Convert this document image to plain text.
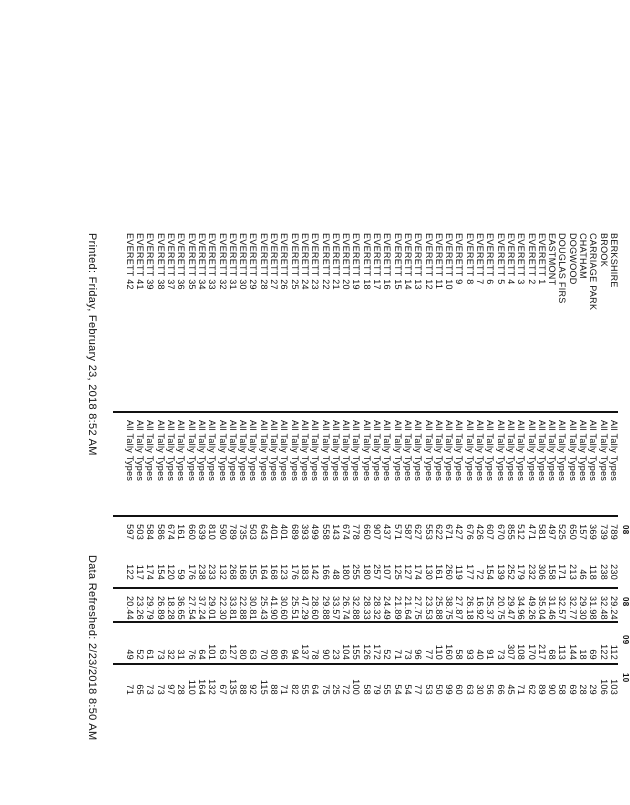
08
08
09
10
BERKSHIRE
All Tally Types
789
230
29.24
112
103
BROOK
All Tally Types
739
238
32.48
122
106
CARRIAGE PARK
All Tally Types
369
118
31.98
69
29
CHATHAM
All Tally Types
157
46
29.30
18
28
DOGWOOD
All Tally Types
650
213
32.77
144
69
DOUGLAS FIRS
All Tally Types
525
171
32.57
113
58
EASTMONT
All Tally Types
497
158
31.46
68
90
EVERETT 1
All Tally Types
581
306
35.04
217
89
EVERETT 2
All Tally Types
471
232
49.26
170
62
EVERETT 3
All Tally Types
512
179
34.96
108
71
EVERETT 4
All Tally Types
855
252
29.47
307
45
EVERETT 5
All Tally Types
670
139
20.75
73
66
EVERETT 6
All Tally Types
607
154
25.37
91
56
EVERETT 7
All Tally Types
426
72
16.92
40
30
EVERETT 8
All Tally Types
676
177
26.18
93
63
EVERETT 9
All Tally Types
427
119
27.87
58
60
EVERETT 10
All Tally Types
671
260
38.75
160
99
EVERETT 11
All Tally Types
622
161
25.88
110
50
EVERETT 12
All Tally Types
553
130
23.53
77
53
EVERETT 13
All Tally Types
627
174
27.75
96
77
EVERETT 14
All Tally Types
587
127
21.64
73
54
EVERETT 15
All Tally Types
571
125
21.89
71
54
EVERETT 16
All Tally Types
437
107
24.49
52
55
EVERETT 17
All Tally Types
907
257
28.32
172
79
EVERETT 18
All Tally Types
660
180
28.33
126
58
EVERETT 19
All Tally Types
778
255
32.88
155
100
EVERETT 20
All Tally Types
674
180
26.74
104
72
EVERETT 21
All Tally Types
143
48
33.57
23
25
EVERETT 22
All Tally Types
558
166
29.88
90
75
EVERETT 23
All Tally Types
499
142
28.60
78
64
EVERETT 24
All Tally Types
393
183
47.29
137
55
EVERETT 25
All Tally Types
689
176
25.51
94
82
EVERETT 26
All Tally Types
401
123
30.60
66
71
EVERETT 27
All Tally Types
401
168
41.90
80
88
EVERETT 28
All Tally Types
643
164
25.43
70
115
EVERETT 29
All Tally Types
503
155
30.81
63
92
EVERETT 30
All Tally Types
735
168
22.88
80
88
EVERETT 31
All Tally Types
789
268
33.81
127
135
EVERETT 32
All Tally Types
590
132
22.30
63
67
EVERETT 33
All Tally Types
810
233
29.01
101
132
EVERETT 34
All Tally Types
639
238
37.24
64
164
EVERETT 35
All Tally Types
660
176
27.54
76
110
EVERETT 36
All Tally Types
161
59
36.65
31
28
EVERETT 37
All Tally Types
674
120
18.28
32
97
EVERETT 38
All Tally Types
586
154
26.89
73
73
EVERETT 39
All Tally Types
584
174
29.79
61
73
EVERETT 41
All Tally Types
503
117
23.26
52
65
EVERETT 42
All Tally Types
597
122
20.44
49
71
Printed: Friday, February 23, 2018 8:52 AM
Data Refreshed: 2/23/2018 8:50 AM
